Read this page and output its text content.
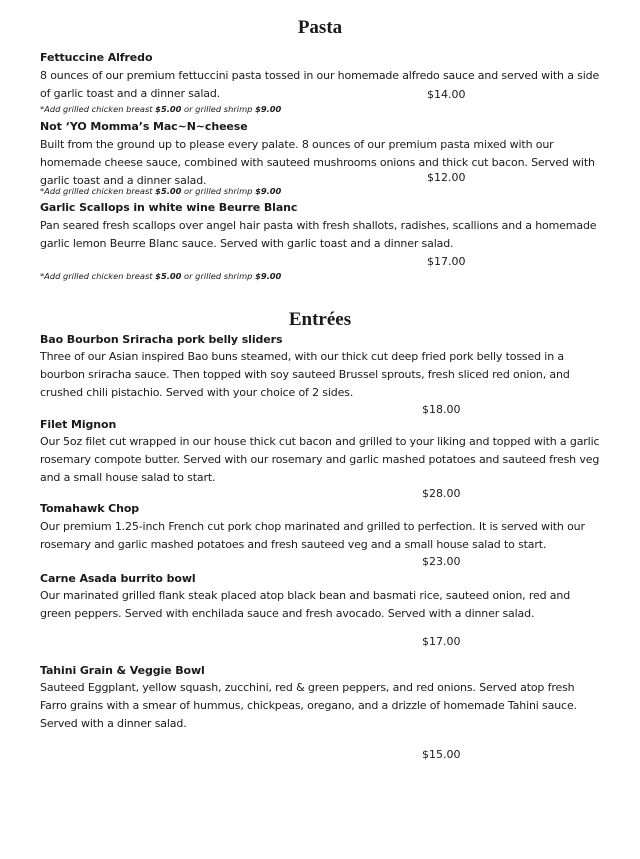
Pasta
Fettuccine Alfredo
8 ounces of our premium fettuccini pasta tossed in our homemade alfredo sauce and served with a side of garlic toast and a dinner salad.	$14.00
*Add grilled chicken breast $5.00 or grilled shrimp $9.00
Not ‘YO Momma’s Mac~N~cheese
Built from the ground up to please every palate. 8 ounces of our premium pasta mixed with our homemade cheese sauce, combined with sauteed mushrooms onions and thick cut bacon. Served with garlic toast and a dinner salad.	$12.00
*Add grilled chicken breast $5.00 or grilled shrimp $9.00
Garlic Scallops in white wine Beurre Blanc
Pan seared fresh scallops over angel hair pasta with fresh shallots, radishes, scallions and a homemade garlic lemon Beurre Blanc sauce. Served with garlic toast and a dinner salad.
$17.00
*Add grilled chicken breast $5.00 or grilled shrimp $9.00
Entrées
Bao Bourbon Sriracha pork belly sliders
Three of our Asian inspired Bao buns steamed, with our thick cut deep fried pork belly tossed in a bourbon sriracha sauce. Then topped with soy sauteed Brussel sprouts, fresh sliced red onion, and crushed chili pistachio. Served with your choice of 2 sides.
$18.00
Filet Mignon
Our 5oz filet cut wrapped in our house thick cut bacon and grilled to your liking and topped with a garlic rosemary compote butter. Served with our rosemary and garlic mashed potatoes and sauteed fresh veg and a small house salad to start.
$28.00
Tomahawk Chop
Our premium 1.25-inch French cut pork chop marinated and grilled to perfection. It is served with our rosemary and garlic mashed potatoes and fresh sauteed veg and a small house salad to start.
$23.00
Carne Asada burrito bowl
Our marinated grilled flank steak placed atop black bean and basmati rice, sauteed onion, red and green peppers. Served with enchilada sauce and fresh avocado. Served with a dinner salad.
$17.00
Tahini Grain & Veggie Bowl
Sauteed Eggplant, yellow squash, zucchini, red & green peppers, and red onions. Served atop fresh Farro grains with a smear of hummus, chickpeas, oregano, and a drizzle of homemade Tahini sauce. Served with a dinner salad.
$15.00
